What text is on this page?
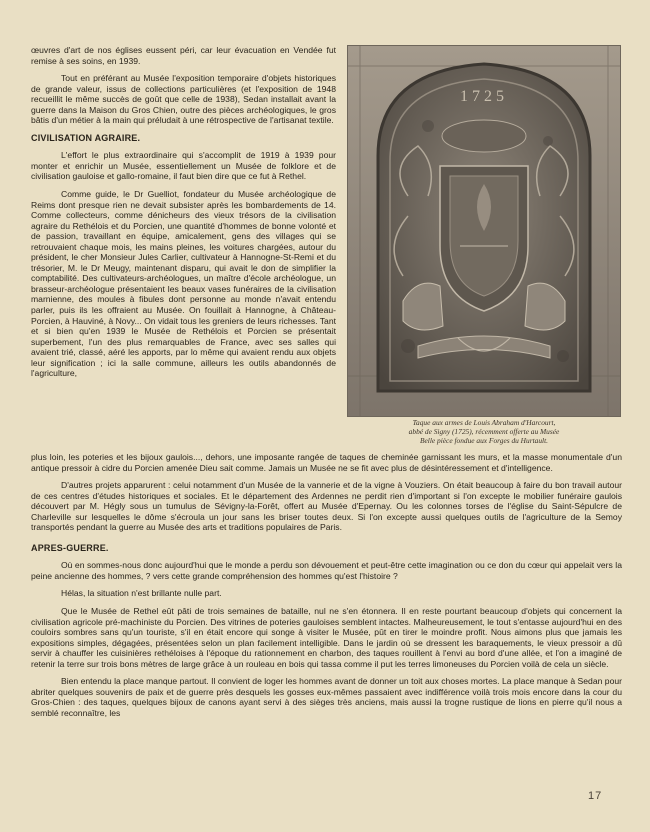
œuvres d'art de nos églises eussent péri, car leur évacuation en Vendée fut remise à ses soins, en 1939.

Tout en préférant au Musée l'exposition temporaire d'objets historiques de grande valeur, issus de collections particulières (et l'exposition de 1948 recueillit le même succès de goût que celle de 1938), Sedan installait avant la guerre dans la Maison du Gros Chien, outre des pièces archéologiques, le gros bâtis d'un métier à la main qui préludait à une rétrospective de l'artisanat textile.

CIVILISATION AGRAIRE.

L'effort le plus extraordinaire qui s'accomplit de 1919 à 1939 pour monter et enrichir un Musée, essentiellement un Musée de folklore et de civilisation gauloise et gallo-romaine, il faut bien dire que ce fut à Rethel.

Comme guide, le Dr Guelliot, fondateur du Musée archéologique de Reims dont presque rien ne devait subsister après les bombardements de 14. Comme collecteurs, comme dénicheurs des vieux trésors de la civilisation agraire du Rethélois et du Porcien, une quantité d'hommes de bonne volonté et de passion, travaillant en équipe, amicalement, gens des villages qui se retrouvaient chaque mois, les mains pleines, les voitures chargées, autour du président, le cher Monsieur Jules Carlier, cultivateur à Hannogne-St-Remi et du trésorier, M. le Dr Meugy, maintenant disparu, qui avait le don de simplifier la comptabilité. Des cultivateurs-archéologues, un maître d'école archéologue, un brasseur-archéologue présentaient les beaux vases funéraires de la civilisation marnienne, des moules à fibules dont personne au monde n'avait entendu parler, puis ils les offraient au Musée. On fouillait à Hannogne, à Château-Porcien, à Hauviné, à Novy... On vidait tous les greniers de leurs richesses. Tant et si bien qu'en 1939 le Musée de Rethélois et Porcien se présentait superbement, l'un des plus remarquables de France, avec ses salles qui avaient trié, classé, aéré les apports, par lo même qui avaient rendu aux objets leur signification ; ici la salle commune, ailleurs les outils abandonnés de l'agriculture,

1725
Taque aux armes de Louis Abraham d'Harcourt,
abbé de Signy (1725), récemment offerte au Musée
Belle pièce fondue aux Forges du Hurtault.

plus loin, les poteries et les bijoux gaulois..., dehors, une imposante rangée de taques de cheminée garnissant les murs, et la masse monumentale d'un antique pressoir à cidre du Porcien amenée Dieu sait comme. Jamais un Musée ne se fit avec plus de désintéressement et d'intelligence.

D'autres projets apparurent : celui notamment d'un Musée de la vannerie et de la vigne à Vouziers. On était beaucoup à faire du bon travail autour de ces centres d'études historiques et sociales. Et le département des Ardennes ne perdit rien d'important si l'on excepte le mobilier funéraire gaulois découvert par M. Hégly sous un tumulus de Sévigny-la-Forêt, offert au Musée d'Epernay. Ou les colonnes torses de l'église du Saint-Sépulcre de Charleville sur lesquelles le dôme s'écroula un jour sans les briser toutes deux. Si l'on excepte aussi quelques outils de l'agriculture de la Semoy transportés pendant la guerre au Musée des arts et traditions populaires de Paris.

APRES-GUERRE.

Où en sommes-nous donc aujourd'hui que le monde a perdu son dévouement et peut-être cette imagination ou ce don du cœur qui appelait vers la peine ancienne des hommes, ? vers cette grande compréhension des hommes qu'est l'histoire ?

Hélas, la situation n'est brillante nulle part.

Que le Musée de Rethel eût pâti de trois semaines de bataille, nul ne s'en étonnera. Il en reste pourtant beaucoup d'objets qui concernent la civilisation agricole pré-machiniste du Porcien. Des vitrines de poteries gauloises semblent intactes. Malheureusement, le tout s'entasse aujourd'hui en des couloirs sombres sans qu'un touriste, s'il en était encore qui songe à visiter le Musée, pût en tirer le moindre profit. Nous aimons plus que jamais les expositions simples, dégagées, présentées selon un plan facilement intelligible. Dans le jardin où se dressent les baraquements, le vieux pressoir a dû servir à chauffer les cuisinières rethéloises à l'époque du rationnement en charbon, des taques rouillent à l'envi au bord d'une allée, et l'on a imaginé de retenir la terre sur trois bons mètres de large grâce à un rouleau en bois qui tassa comme il put les terres limoneuses du Porcien voilà de cela un siècle.

Bien entendu la place manque partout. Il convient de loger les hommes avant de donner un toit aux choses mortes. La place manque à Sedan pour abriter quelques souvenirs de paix et de guerre près desquels les gosses eux-mêmes passaient avec indifférence voilà trois mois encore dans la cour du Gros-Chien : des taques, quelques bijoux de canons ayant servi à des sièges très anciens, mais aussi la trogne rustique de lions en pierre qu'il nous a semblé reconnaître, les

17
